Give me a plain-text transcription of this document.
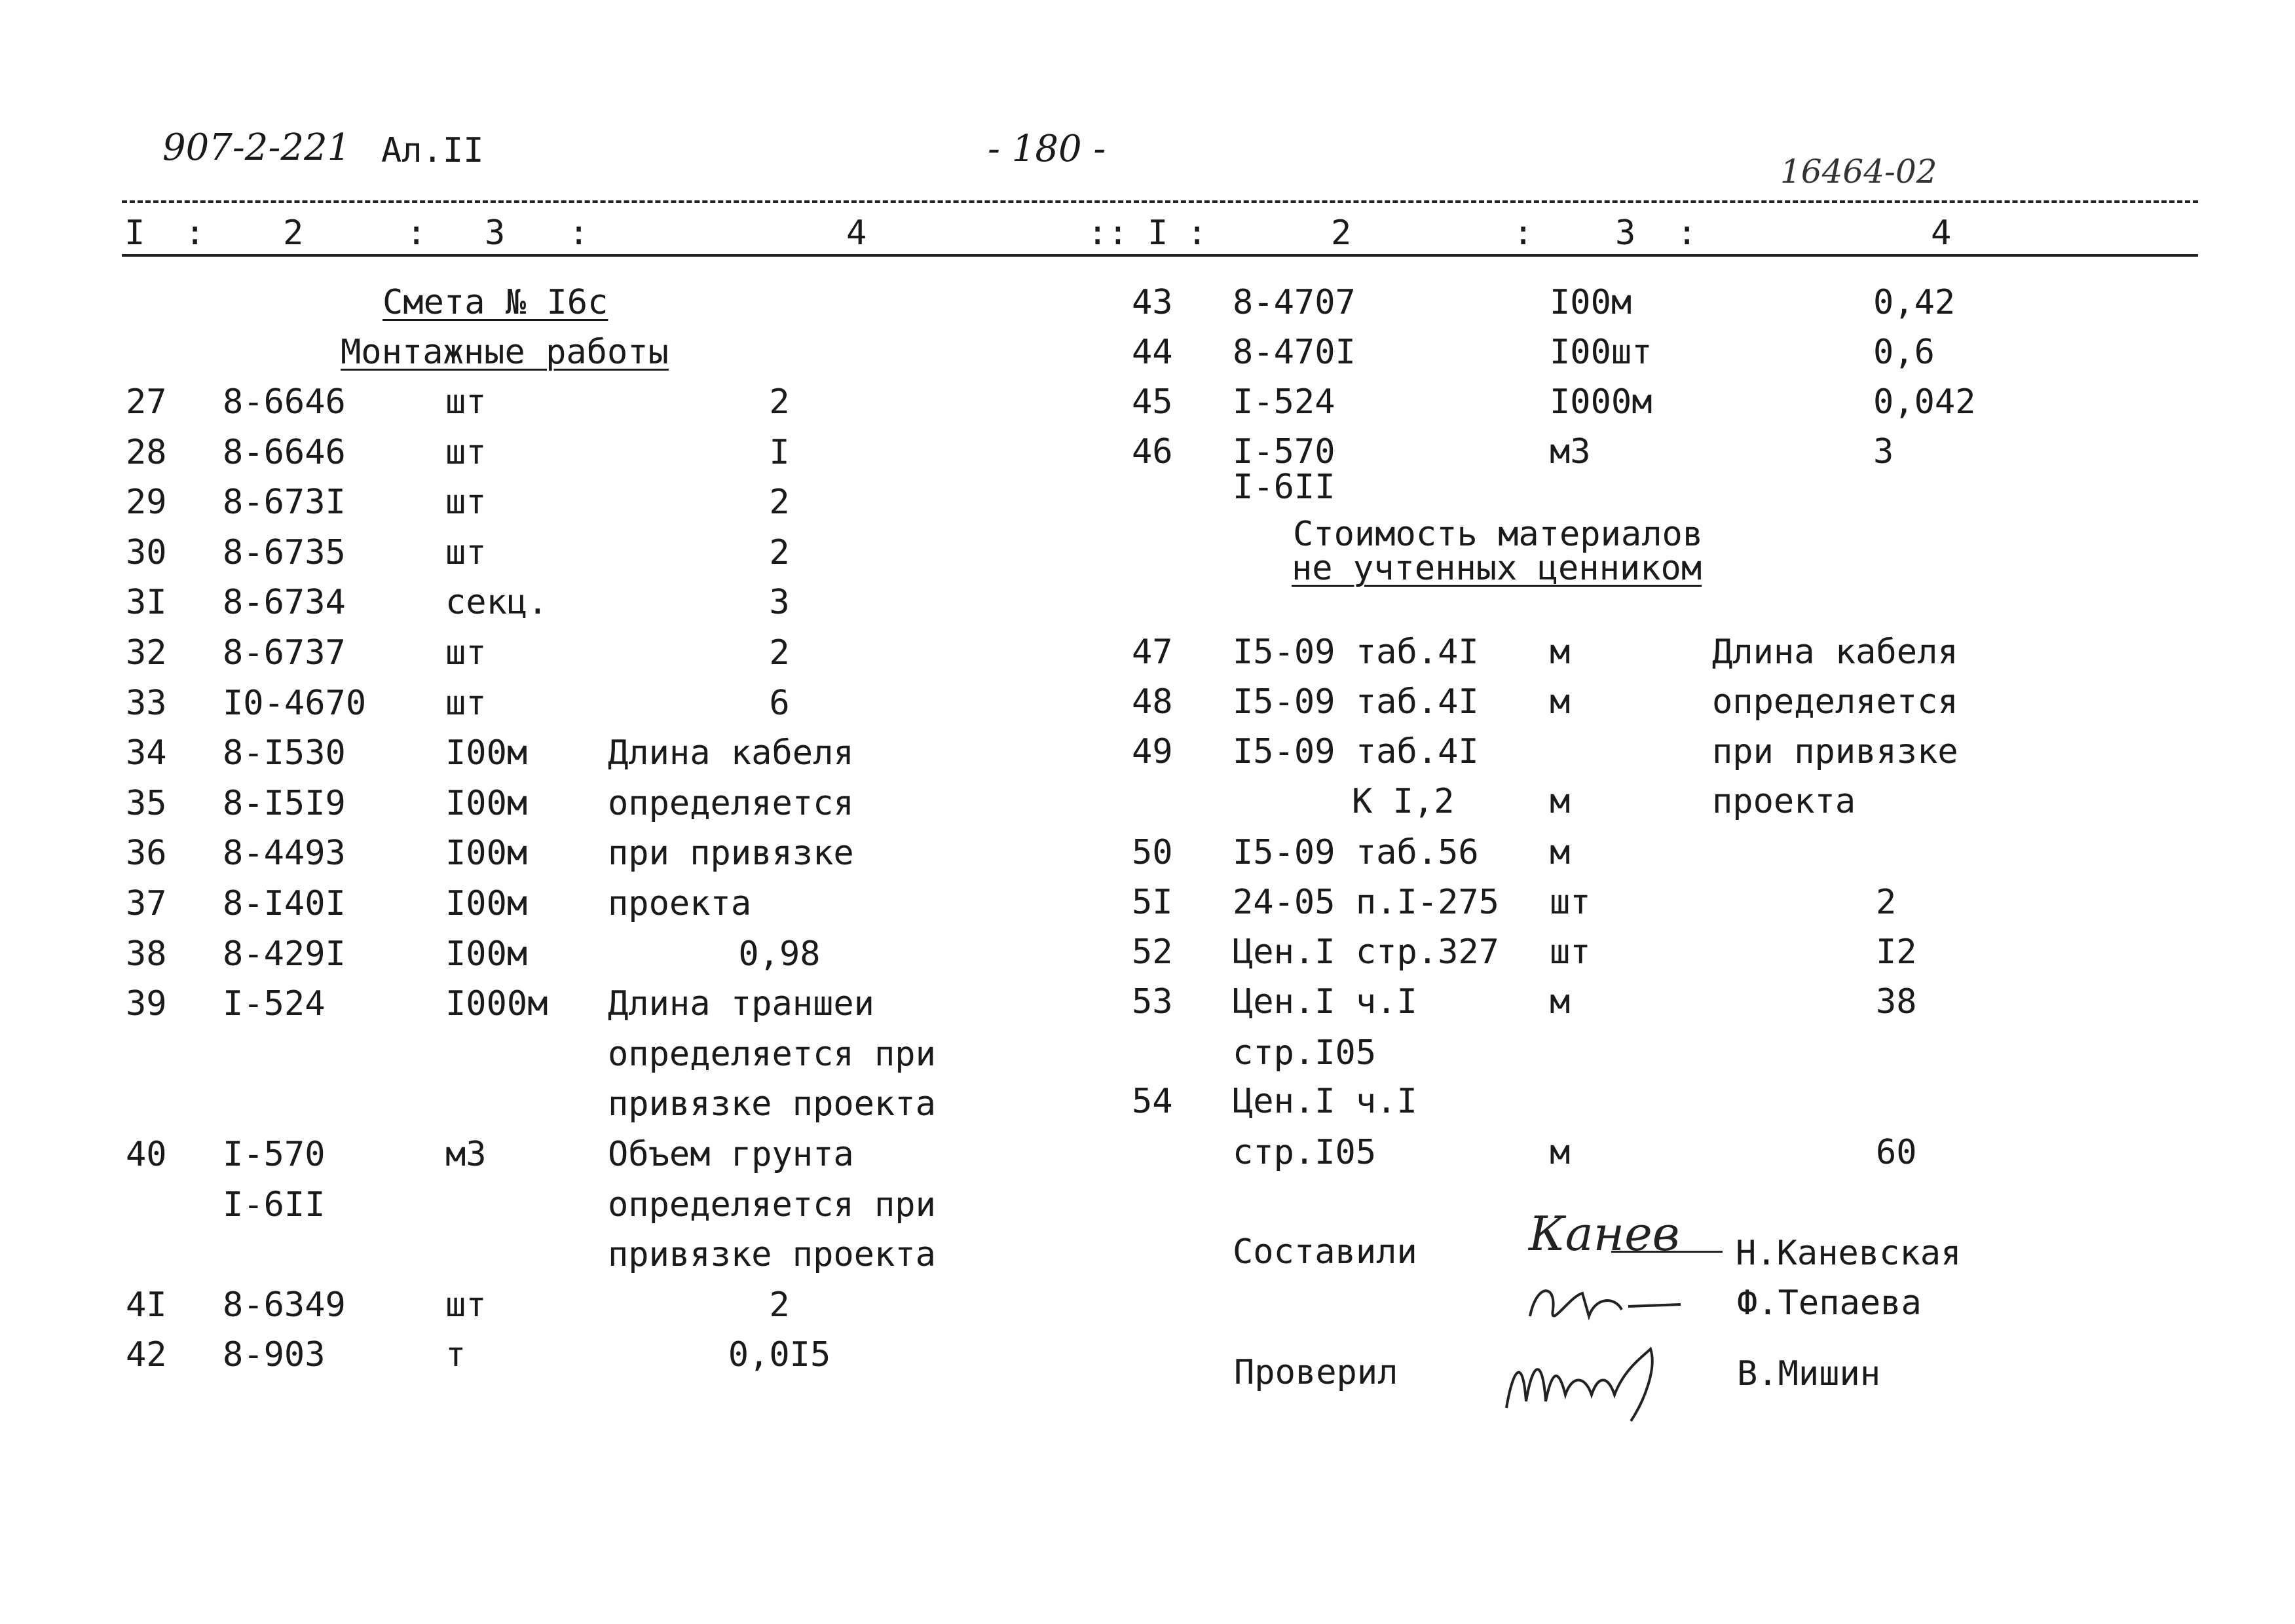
907-2-221 Ал.II	- 180 -
16464-02
I : 2	: 3 :	4	:: I :	2	: 3 :	4
Смета № I6с
Монтажные работы
27 8-6646	шт	2
28 8-6646	шт	I
29 8-673I	шт	2
30 8-6735	шт	2
3I 8-6734	секц.	3
32 8-6737	шт	2
33 I0-4670 шт	6
34 8-I530	I00м Длина кабеля
35 8-I5I9	I00м определяется
36 8-4493	I00м при привязке
37 8-I40I	I00м проекта
38 8-429I	I00м	0,98
39 I-524	I000м Длина траншеи
определяется при
привязке проекта
40 I-570	м3	Объем грунта
I-6II	определяется при
привязке проекта
4I 8-6349	шт	2
42 8-903	т	0,0I5
43 8-4707	I00м	0,42
44 8-470I	I00шт	0,6
45 I-524	I000м	0,042
46 I-570	м3	3
I-6II
Стоимость материалов
не учтенных ценником
47 I5-09 таб.4I м	Длина кабеля
48 I5-09 таб.4I м	определяется
49 I5-09 таб.4I	при привязке
К I,2	м	проекта
50 I5-09 таб.56 м
5I 24-05 п.I-275 шт	2
52 Цен.I стр.327 шт	I2
53 Цен.I ч.I	м	38
стр.I05
54 Цен.I ч.I
стр.I05	м	60
Составили Канев Н.Каневская
Ф.Тепаева
Проверил	В.Мишин
